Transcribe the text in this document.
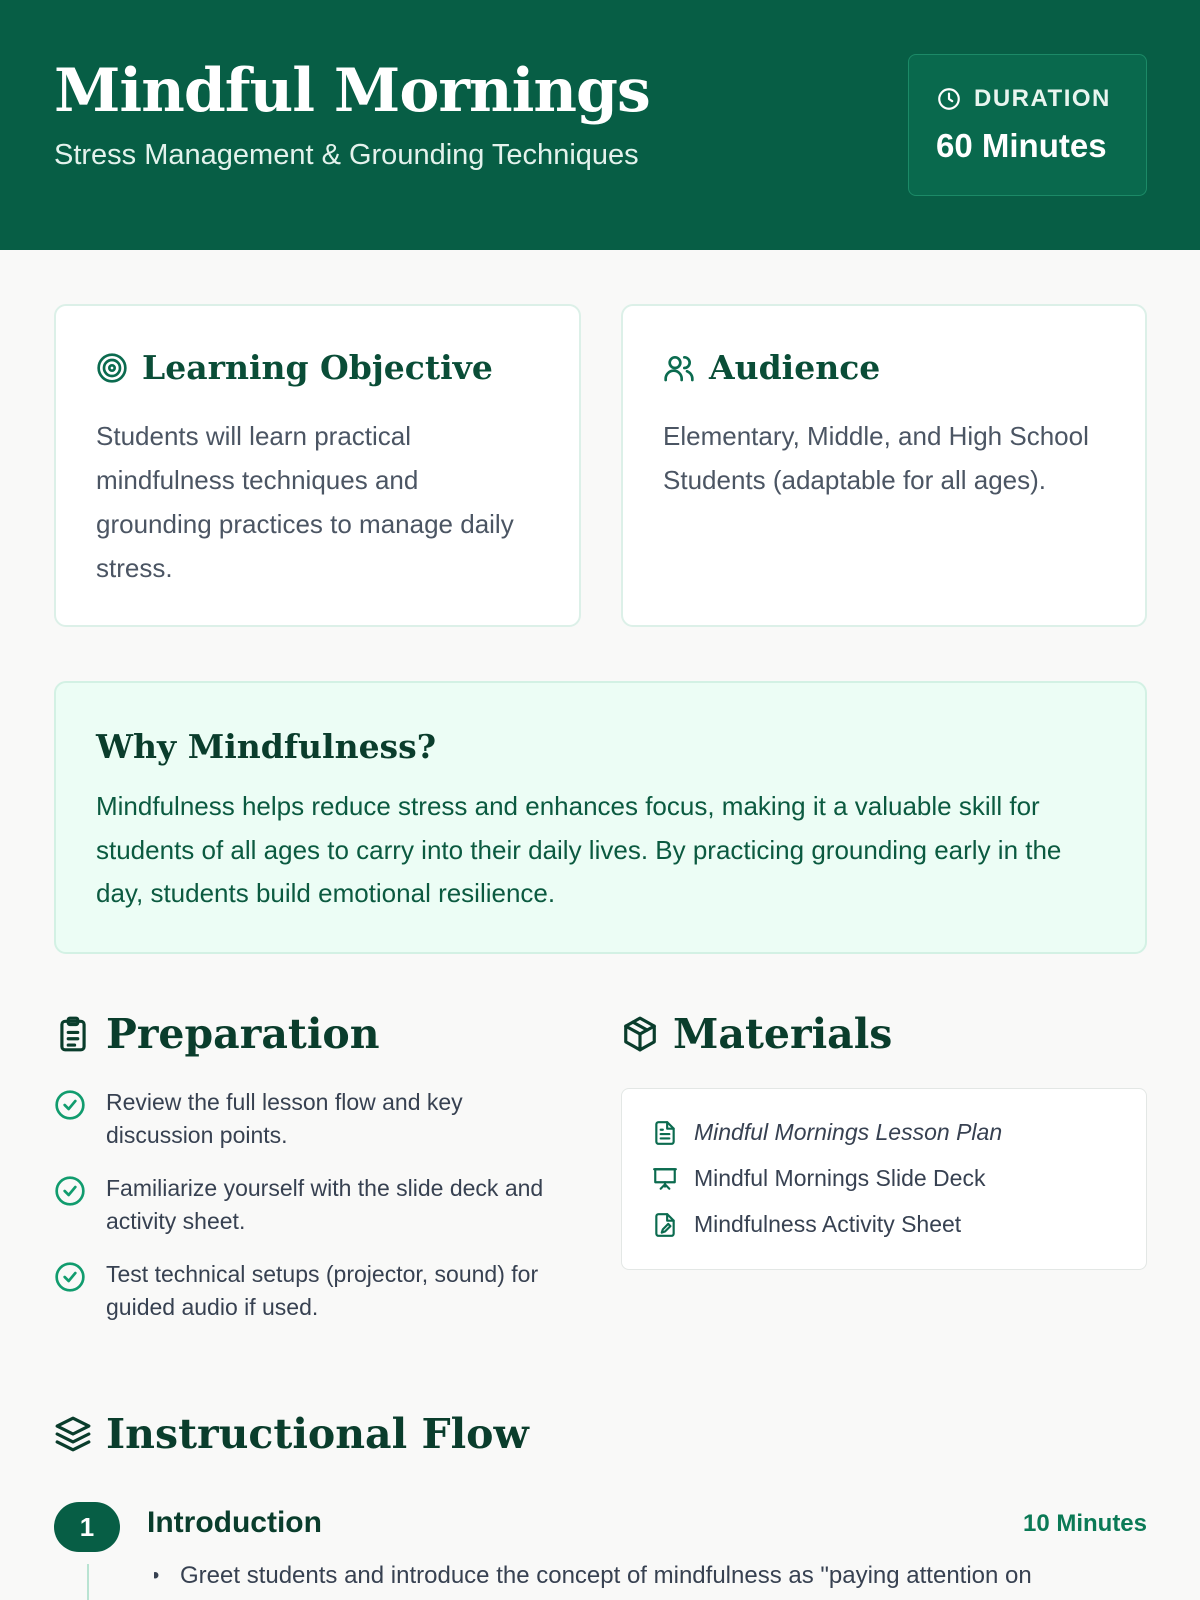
Mindful Mornings
Stress Management & Grounding Techniques
DURATION
60 Minutes
Learning Objective
Students will learn practical mindfulness techniques and grounding practices to manage daily stress.
Audience
Elementary, Middle, and High School Students (adaptable for all ages).
Why Mindfulness?
Mindfulness helps reduce stress and enhances focus, making it a valuable skill for students of all ages to carry into their daily lives. By practicing grounding early in the day, students build emotional resilience.
Preparation
Review the full lesson flow and key discussion points.
Familiarize yourself with the slide deck and activity sheet.
Test technical setups (projector, sound) for guided audio if used.
Materials
Mindful Mornings Lesson Plan
Mindful Mornings Slide Deck
Mindfulness Activity Sheet
Instructional Flow
1	Introduction	10 Minutes
• Greet students and introduce the concept of mindfulness as "paying attention on
